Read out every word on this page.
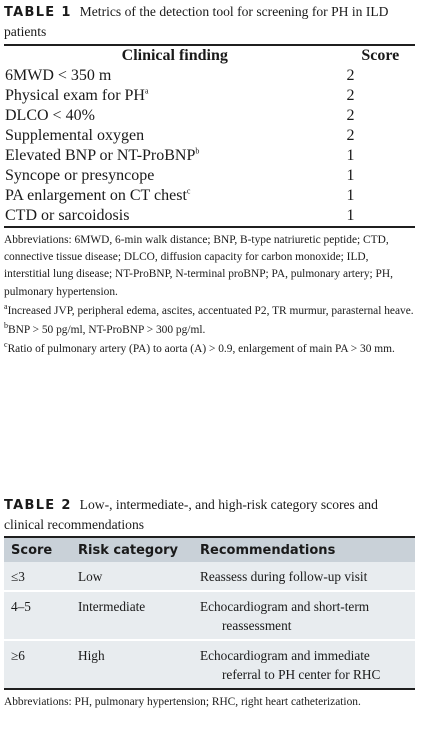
TABLE 1 Metrics of the detection tool for screening for PH in ILD patients
Clinical finding	Score
6MWD < 350 m	2
Physical exam for $PH^a$	2
DLCO < 40%	2
Supplemental oxygen	2
Elevated BNP or NT-ProBNP$^b$	1
Syncope or presyncope	1
PA enlargement on CT chest$^c$	1
CTD or sarcoidosis	1

Abbreviations: 6MWD, 6-min walk distance; BNP, B-type natriuretic peptide; CTD, connective tissue disease; DLCO, diffusion capacity for carbon monoxide; ILD, interstitial lung disease; NT-ProBNP, N-terminal proBNP; PA, pulmonary artery; PH, pulmonary hypertension.

$^a$Increased JVP, peripheral edema, ascites, accentuated P2, TR murmur, parasternal heave.

$^b$BNP > 50 pg/ml, NT-ProBNP > 300 pg/ml.

$^c$Ratio of pulmonary artery (PA) to aorta (A) > 0.9, enlargement of main PA > 30 mm.

TABLE 2 Low-, intermediate-, and high-risk category scores and clinical recommendations
Score	Risk category	Recommendations
≤3	Low	Reassess during follow-up visit

4–5	Intermediate	Echocardiogram and short-term reassessment

≥6	High	Echocardiogram and immediate referral to PH center for RHC

Abbreviations: PH, pulmonary hypertension; RHC, right heart catheterization.
